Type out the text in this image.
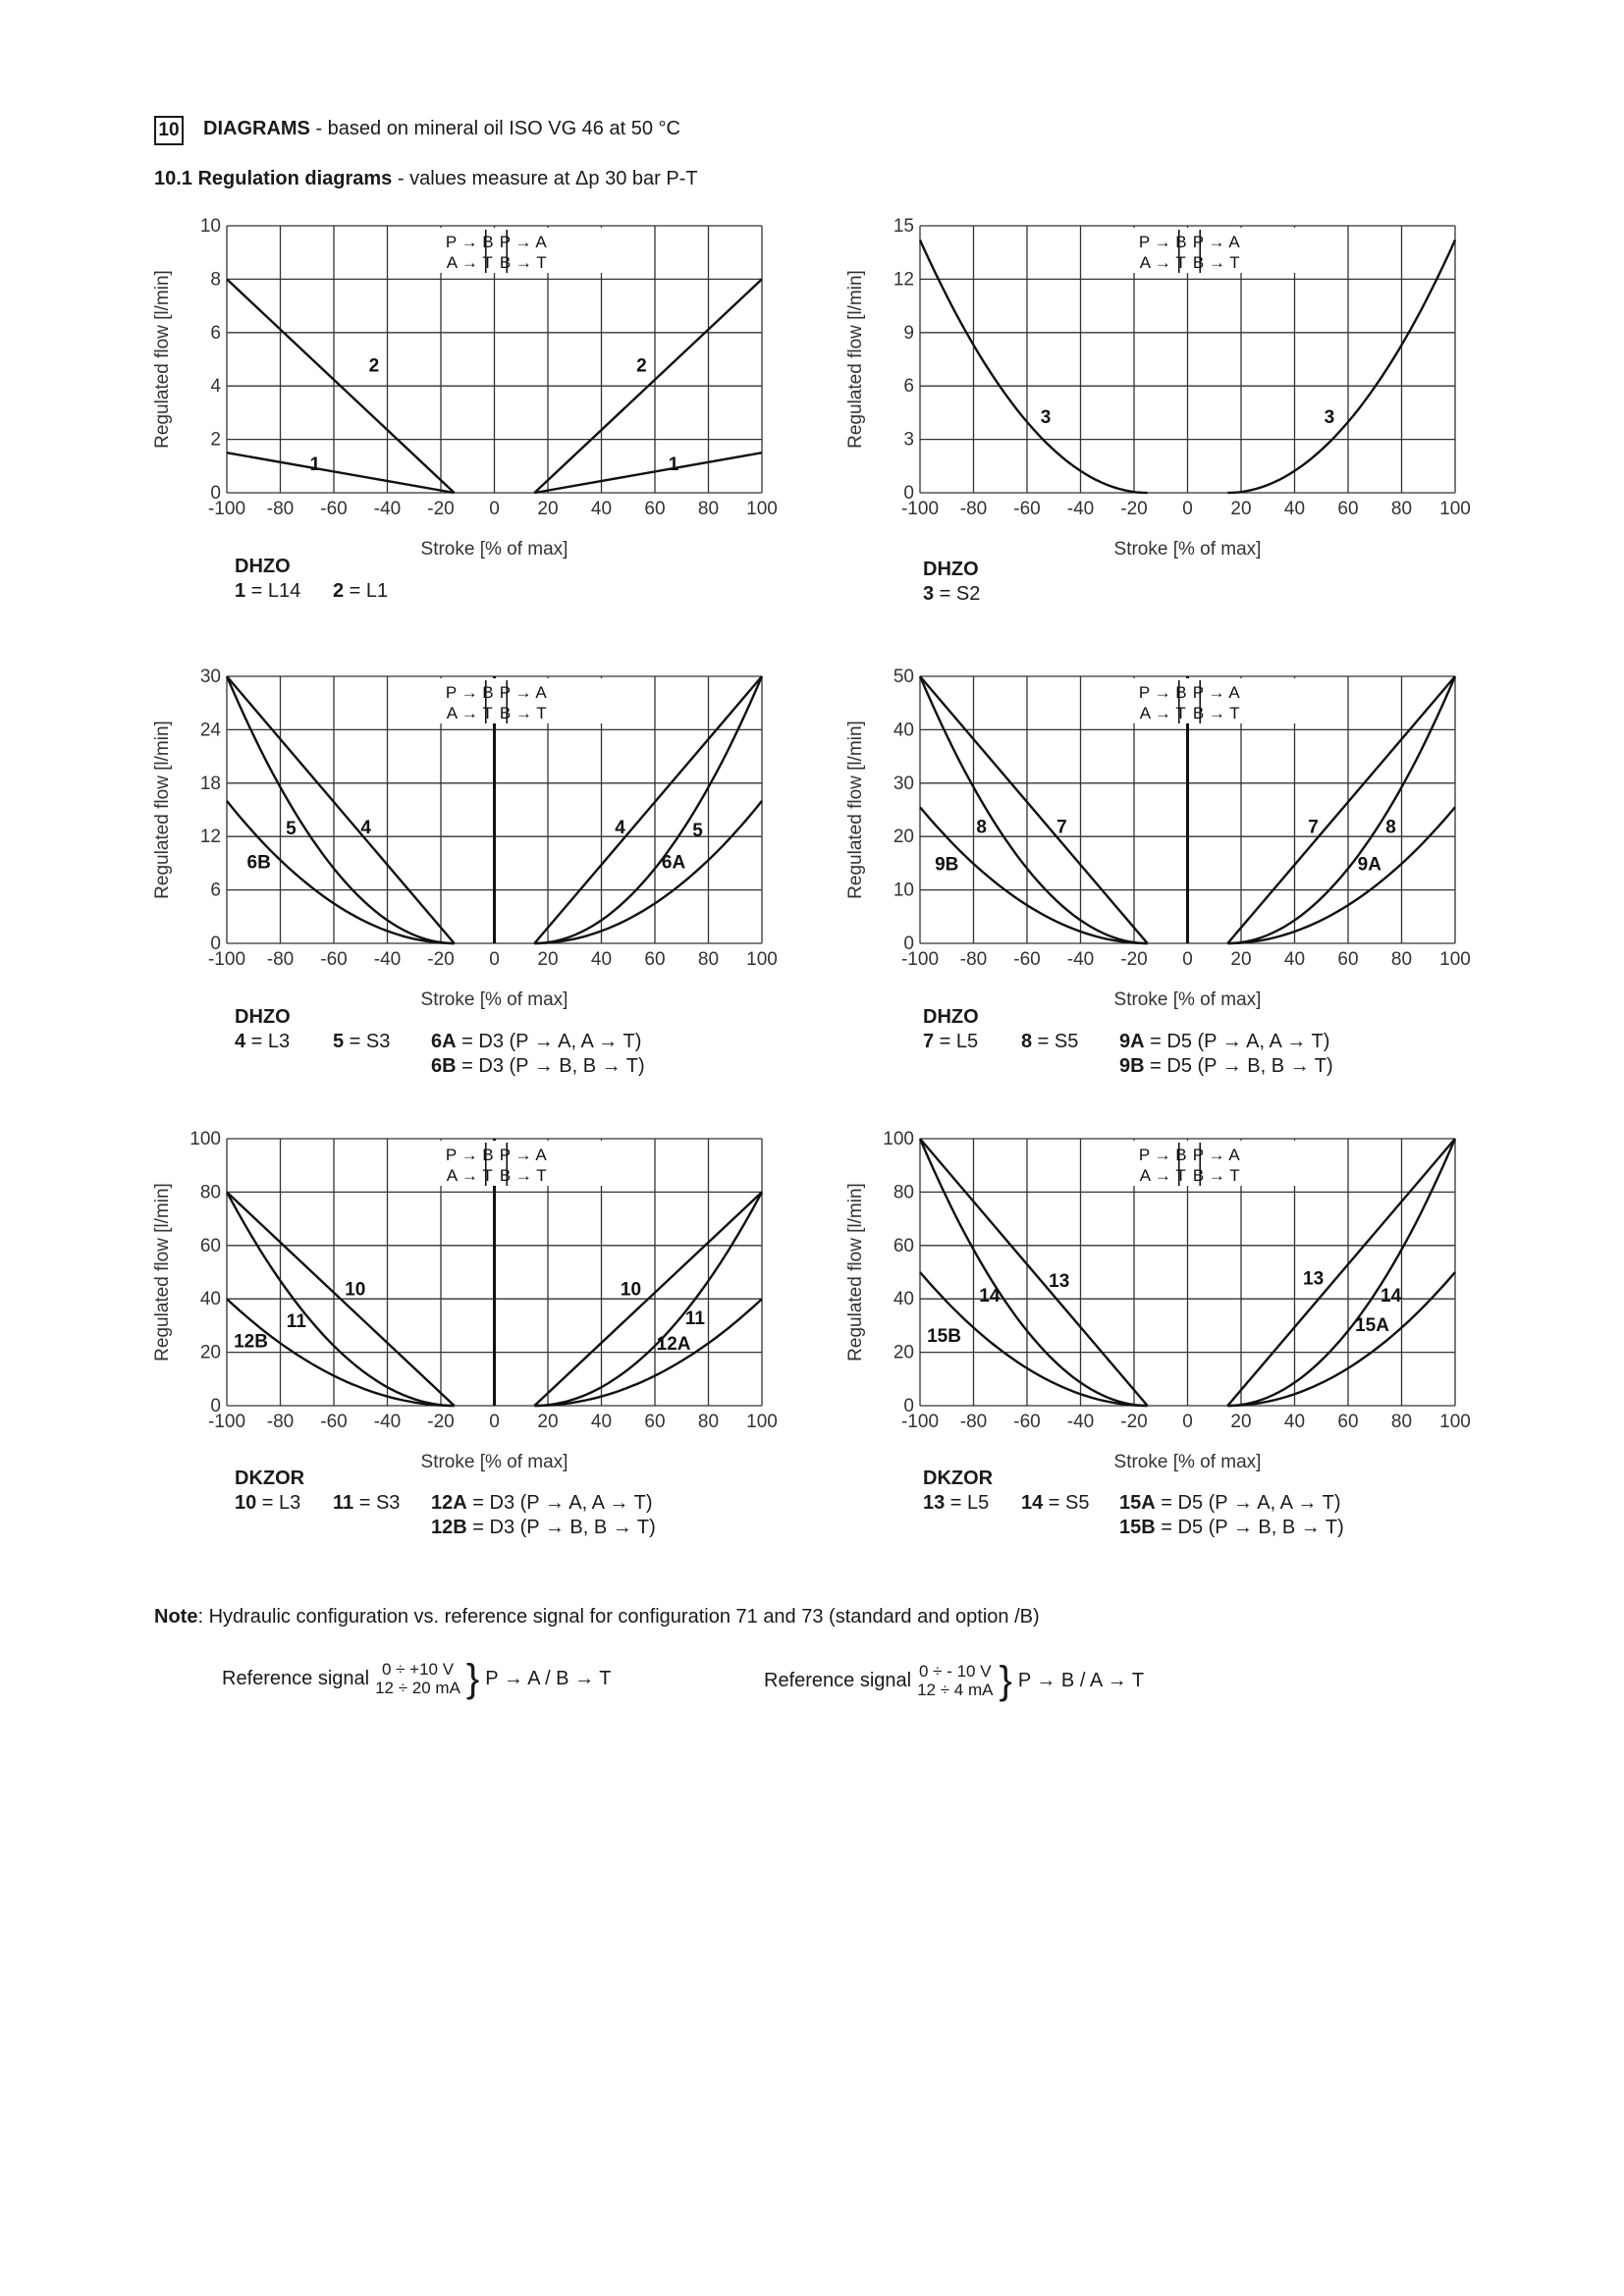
10 DIAGRAMS - based on mineral oil ISO VG 46 at 50 °C
10.1 Regulation diagrams - values measure at Δp 30 bar P-T
P → B
A → T
P → A
B → T
2
1
2
1
0
2
4
6
8
10
-100 -80 -60 -40 -20 0 20 40 60 80 100
Stroke [% of max]
Regulated flow [l/min]
P → B
A → T
P → A
B → T
3	3
0
3
6
9
12
15
-100 -80 -60 -40 -20 0 20 40 60 80 100
Stroke [% of max]
Regulated flow [l/min]
P → B
A → T
P → A
B → T
5	4
6B
4	5
6A
0
6
12
18
24
30
-100 -80 -60 -40 -20 0 20 40 60 80 100
Stroke [% of max]
Regulated flow [l/min]
P → B
A → T
P → A
B → T
8	7
9B
7	8
9A
0
10
20
30
40
50
-100 -80 -60 -40 -20 0 20 40 60 80 100
Stroke [% of max]
Regulated flow [l/min]
P → B
A → T
P → A
B → T
10
11
12B
10
11
12A
0
20
40
60
80
100
-100 -80 -60 -40 -20 0 20 40 60 80 100
Stroke [% of max]
Regulated flow [l/min]
P → B
A → T
P → A
B → T
13
14
15B
13
14
15A
0
20
40
60
80
100
-100 -80 -60 -40 -20 0 20 40 60 80 100
Stroke [% of max]
Regulated flow [l/min]
DHZO
1 = L14 2 = L1
DHZO
3 = S2
DHZO
4 = L3 5 = S3 6A = D3 (P → A, A → T)
6B = D3 (P → B, B → T)
DHZO
7 = L5 8 = S5 9A = D5 (P → A, A → T)
9B = D5 (P → B, B → T)
DKZOR
10 = L3 11 = S3 12A = D3 (P → A, A → T)
12B = D3 (P → B, B → T)
DKZOR
13 = L5 14 = S5 15A = D5 (P → A, A → T)
15B = D5 (P → B, B → T)
Note: Hydraulic configuration vs. reference signal for configuration 71 and 73 (standard and option /B)
Reference signal 0 ÷ +10 V
12 ÷ 20 mA } P → A / B → T	Reference signal 0 ÷ - 10 V
12 ÷ 4 mA } P → B / A → T
